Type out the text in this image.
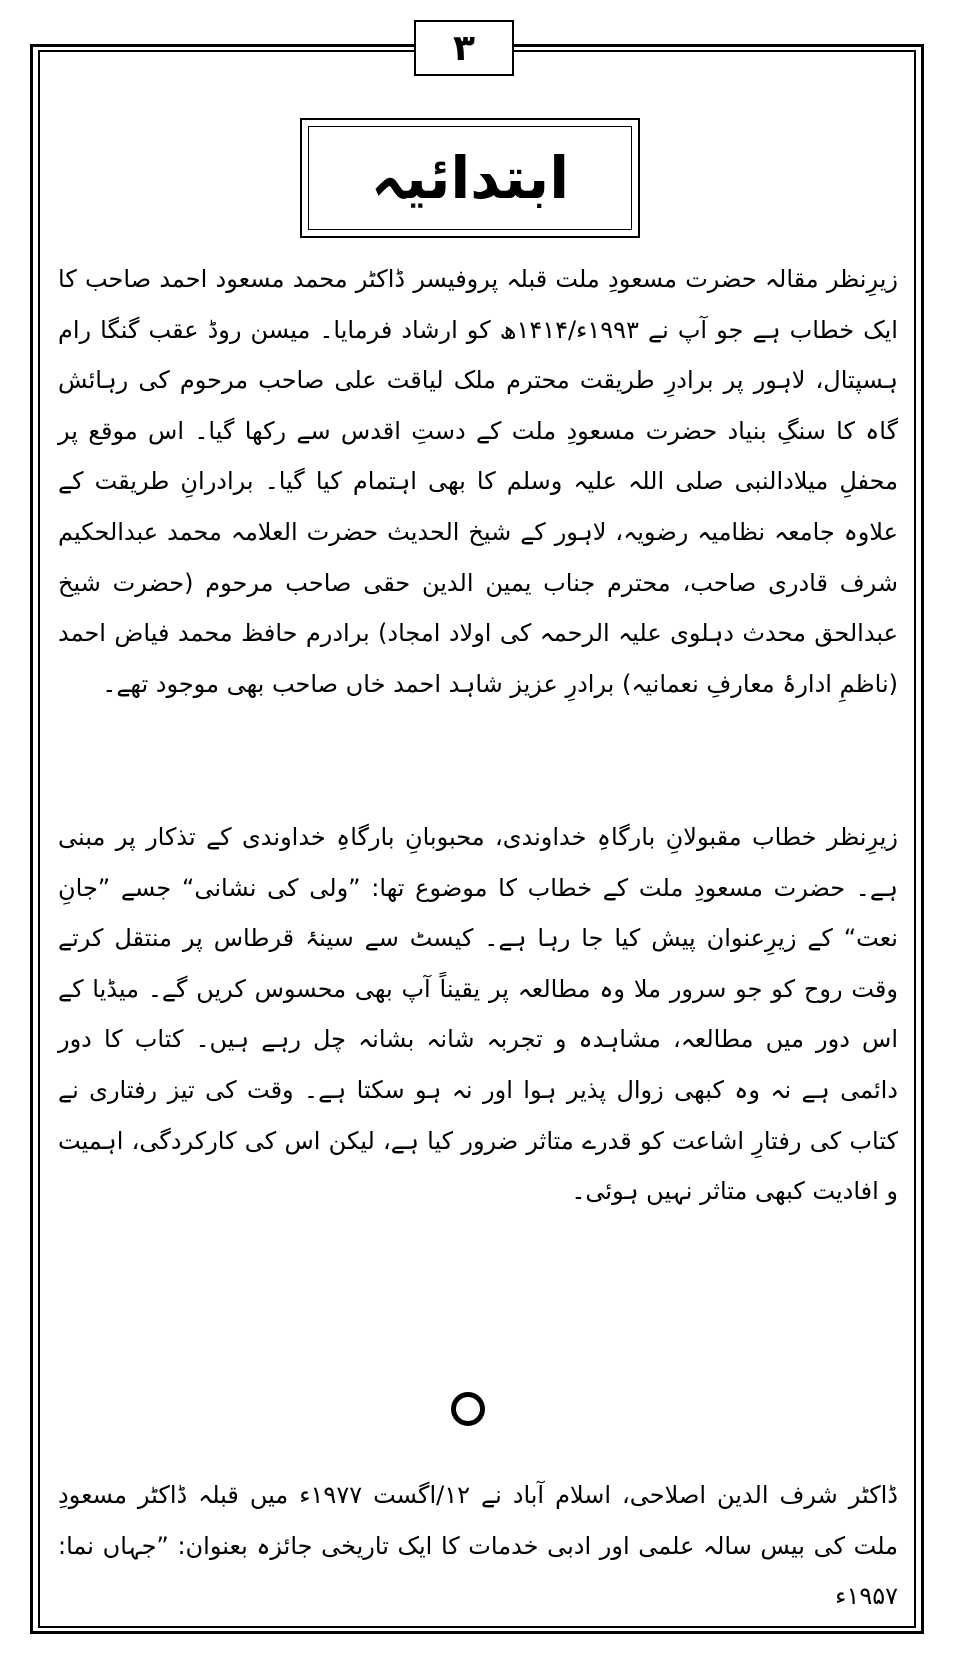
۳
ابتدائیہ
زیرِنظر مقالہ حضرت مسعودِ ملت قبلہ پروفیسر ڈاکٹر محمد مسعود احمد صاحب کا ایک خطاب ہے جو آپ نے ۱۹۹۳ء/۱۴۱۴ھ کو ارشاد فرمایا۔ میسن روڈ عقب گنگا رام ہسپتال، لاہور پر برادرِ طریقت محترم ملک لیاقت علی صاحب مرحوم کی رہائش گاہ کا سنگِ بنیاد حضرت مسعودِ ملت کے دستِ اقدس سے رکھا گیا۔ اس موقع پر محفلِ میلادالنبی صلی اللہ علیہ وسلم کا بھی اہتمام کیا گیا۔ برادرانِ طریقت کے علاوہ جامعہ نظامیہ رضویہ، لاہور کے شیخ الحدیث حضرت العلامہ محمد عبدالحکیم شرف قادری صاحب، محترم جناب یمین الدین حقی صاحب مرحوم (حضرت شیخ عبدالحق محدث دہلوی علیہ الرحمہ کی اولاد امجاد) برادرم حافظ محمد فیاض احمد (ناظمِ ادارۂ معارفِ نعمانیہ) برادرِ عزیز شاہد احمد خاں صاحب بھی موجود تھے۔
زیرِنظر خطاب مقبولانِ بارگاہِ خداوندی، محبوبانِ بارگاہِ خداوندی کے تذکار پر مبنی ہے۔ حضرت مسعودِ ملت کے خطاب کا موضوع تھا: ”ولی کی نشانی“ جسے ”جانِ نعت“ کے زیرِعنوان پیش کیا جا رہا ہے۔ کیسٹ سے سینۂ قرطاس پر منتقل کرتے وقت روح کو جو سرور ملا وہ مطالعہ پر یقیناً آپ بھی محسوس کریں گے۔ میڈیا کے اس دور میں مطالعہ، مشاہدہ و تجربہ شانہ بشانہ چل رہے ہیں۔ کتاب کا دور دائمی ہے نہ وہ کبھی زوال پذیر ہوا اور نہ ہو سکتا ہے۔ وقت کی تیز رفتاری نے کتاب کی رفتارِ اشاعت کو قدرے متاثر ضرور کیا ہے، لیکن اس کی کارکردگی، اہمیت و افادیت کبھی متاثر نہیں ہوئی۔
ڈاکٹر شرف الدین اصلاحی، اسلام آباد نے ۱۲/اگست ۱۹۷۷ء میں قبلہ ڈاکٹر مسعودِ ملت کی بیس سالہ علمی اور ادبی خدمات کا ایک تاریخی جائزہ بعنوان: ”جہاں نما: ۱۹۵۷ء
